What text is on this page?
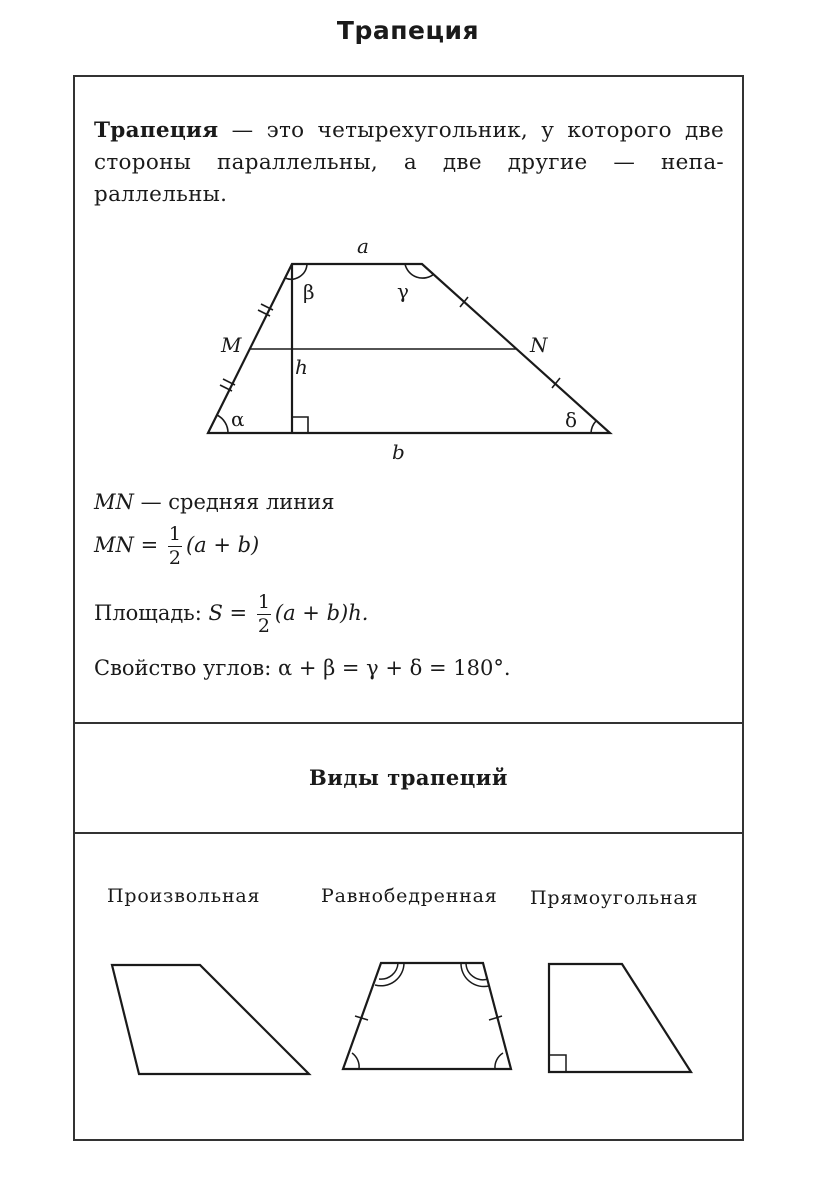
Трапеция
Трапеция — это четырехугольник, у которого две стороны параллельны, а две другие — непа-раллельны.
a
b
h
M	N
α
β	γ
δ
MN — средняя линия
MN = $\frac{1}{2} (a + b)$
Площадь: $S = \frac{1}{2} (a + b)h$.
Свойство углов: α + β = γ + δ = 180°.
Виды трапеций
Произвольная	Равнобедренная Прямоугольная
